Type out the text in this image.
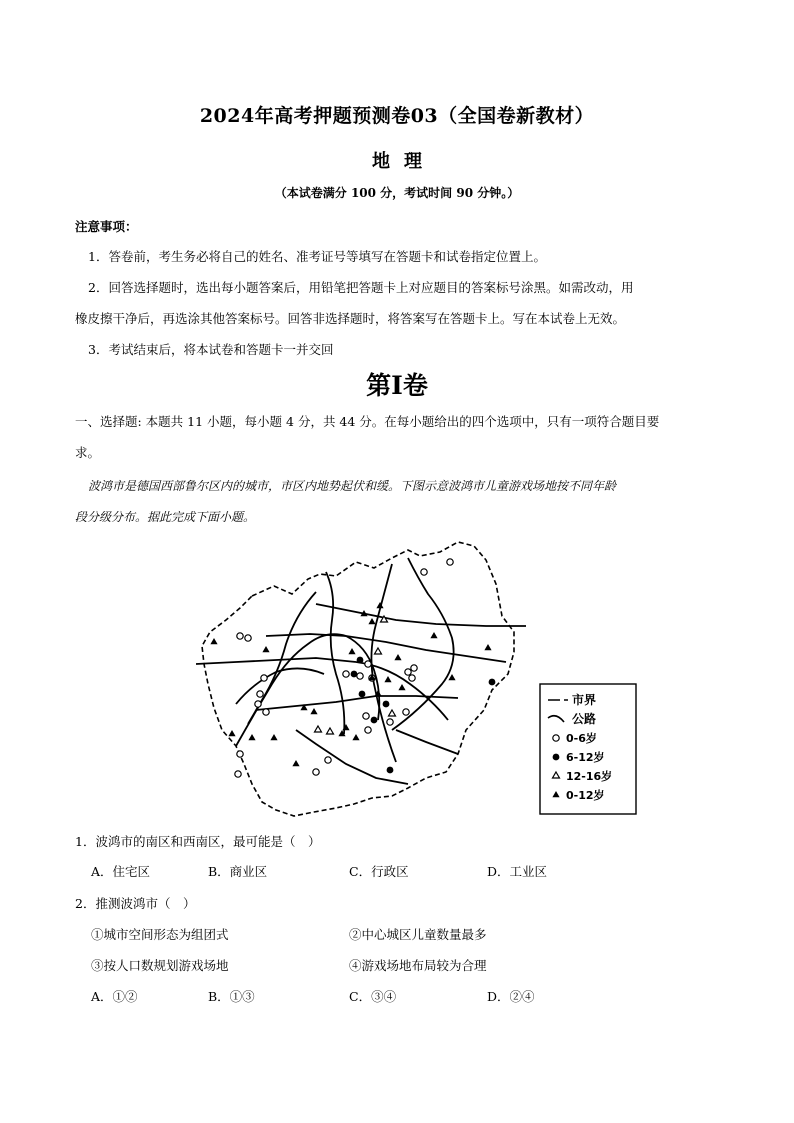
2024年高考押题预测卷03（全国卷新教材）
地理
（本试卷满分 100 分，考试时间 90 分钟。）
注意事项：
1．答卷前，考生务必将自己的姓名、准考证号等填写在答题卡和试卷指定位置上。
2．回答选择题时，选出每小题答案后，用铅笔把答题卡上对应题目的答案标号涂黑。如需改动，用
橡皮擦干净后，再选涂其他答案标号。回答非选择题时，将答案写在答题卡上。写在本试卷上无效。
3．考试结束后，将本试卷和答题卡一并交回
第Ⅰ卷
一、选择题: 本题共 11 小题，每小题 4 分，共 44 分。在每小题给出的四个选项中，只有一项符合题目要
求。
波鸿市是德国西部鲁尔区内的城市，市区内地势起伏和缓。下图示意波鸿市儿童游戏场地按不同年龄
段分级分布。据此完成下面小题。
市界
公路
0-6岁
6-12岁
12-16岁
0-12岁
1．波鸿市的南区和西南区，最可能是（　）
A．住宅区	B．商业区	C．行政区	D．工业区
2．推测波鸿市（　）
①城市空间形态为组团式	②中心城区儿童数量最多
③按人口数规划游戏场地	④游戏场地布局较为合理
A．①②	B．①③	C．③④	D．②④
